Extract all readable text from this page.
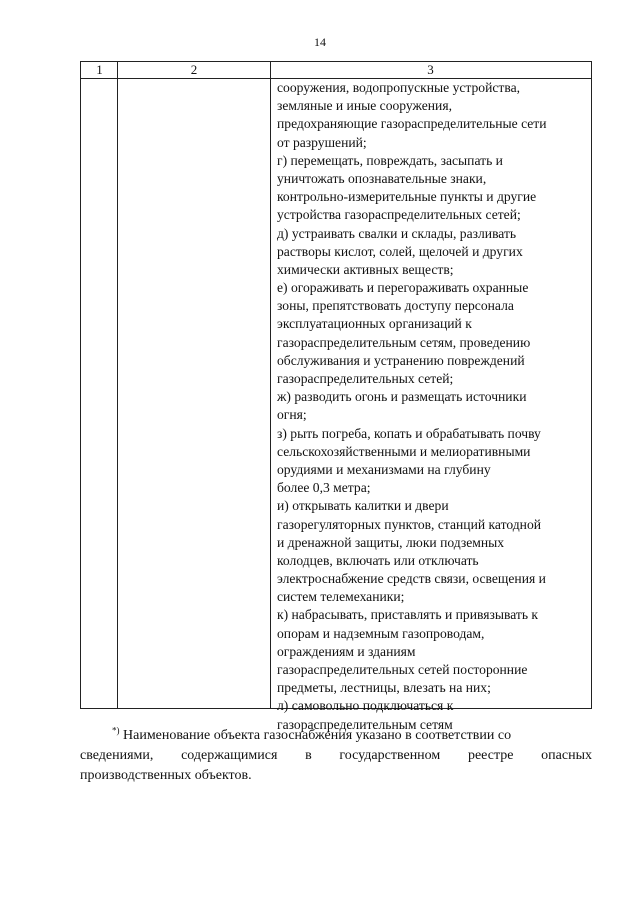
14
1	2	3
сооружения, водопропускные устройства,
земляные и иные сооружения,
предохраняющие газораспределительные сети
от разрушений;
г) перемещать, повреждать, засыпать и
уничтожать опознавательные знаки,
контрольно-измерительные пункты и другие
устройства газораспределительных сетей;
д) устраивать свалки и склады, разливать
растворы кислот, солей, щелочей и других
химически активных веществ;
е) огораживать и перегораживать охранные
зоны, препятствовать доступу персонала
эксплуатационных организаций к
газораспределительным сетям, проведению
обслуживания и устранению повреждений
газораспределительных сетей;
ж) разводить огонь и размещать источники
огня;
з) рыть погреба, копать и обрабатывать почву
сельскохозяйственными и мелиоративными
орудиями и механизмами на глубину
более 0,3 метра;
и) открывать калитки и двери
газорегуляторных пунктов, станций катодной
и дренажной защиты, люки подземных
колодцев, включать или отключать
электроснабжение средств связи, освещения и
систем телемеханики;
к) набрасывать, приставлять и привязывать к
опорам и надземным газопроводам,
ограждениям и зданиям
газораспределительных сетей посторонние
предметы, лестницы, влезать на них;
л) самовольно подключаться к
газораспределительным сетям
*) Наименование объекта газоснабжения указано в соответствии со
сведениями, содержащимися в государственном реестре опасных
производственных объектов.
